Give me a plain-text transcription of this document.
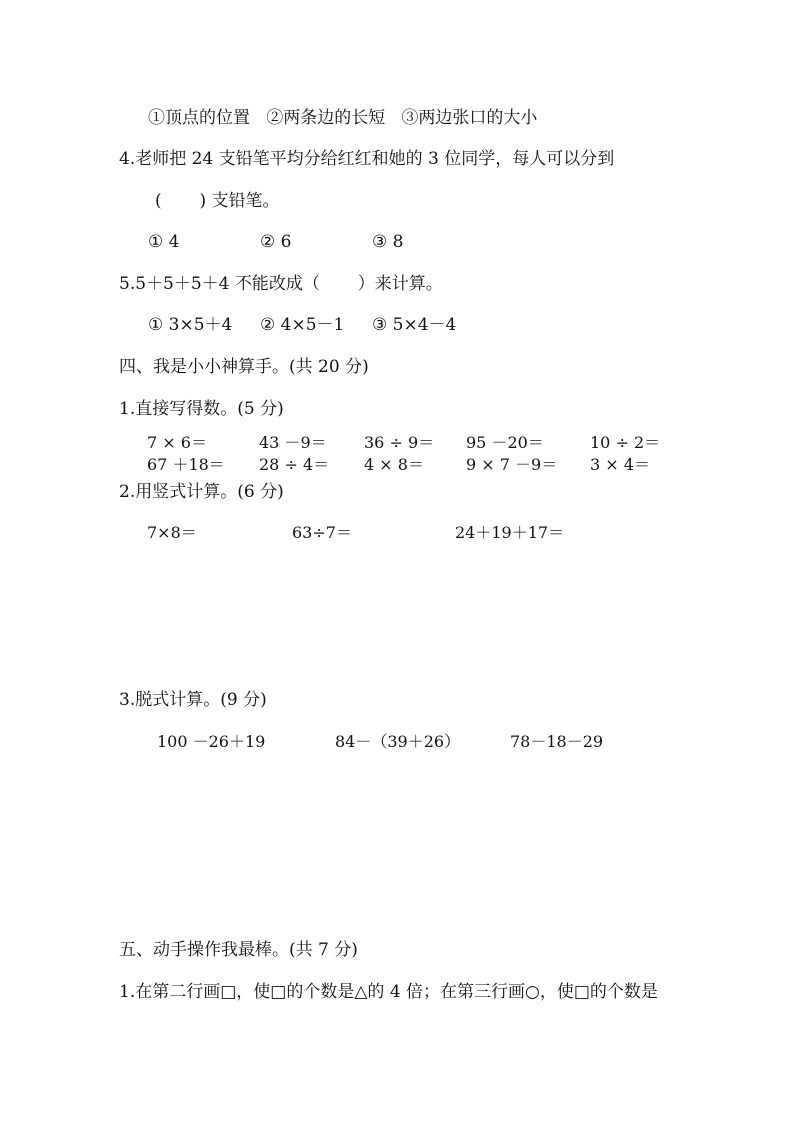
①顶点的位置   ②两条边的长短   ③两边张口的大小
4.老师把 24 支铅笔平均分给红红和她的 3 位同学，每人可以分到
(       ) 支铅笔。
① 4	② 6	③ 8
5.5＋5＋5＋4 不能改成（       ）来计算。
① 3×5＋4 ② 4×5－1 ③ 5×4－4
四、我是小小神算手。(共 20 分)
1.直接写得数。(5 分)
7 × 6＝	43 －9＝ 36 ÷ 9＝ 95 －20＝	10 ÷ 2＝
67 ＋18＝ 28 ÷ 4＝ 4 × 8＝	9 × 7 －9＝ 3 × 4＝
2.用竖式计算。(6 分)
7×8＝	63÷7＝	24＋19＋17＝
3.脱式计算。(9 分)
100 －26＋19	84－（39＋26）	78－18－29
五、动手操作我最棒。(共 7 分)
1.在第二行画□，使□的个数是△的 4 倍；在第三行画○，使□的个数是
